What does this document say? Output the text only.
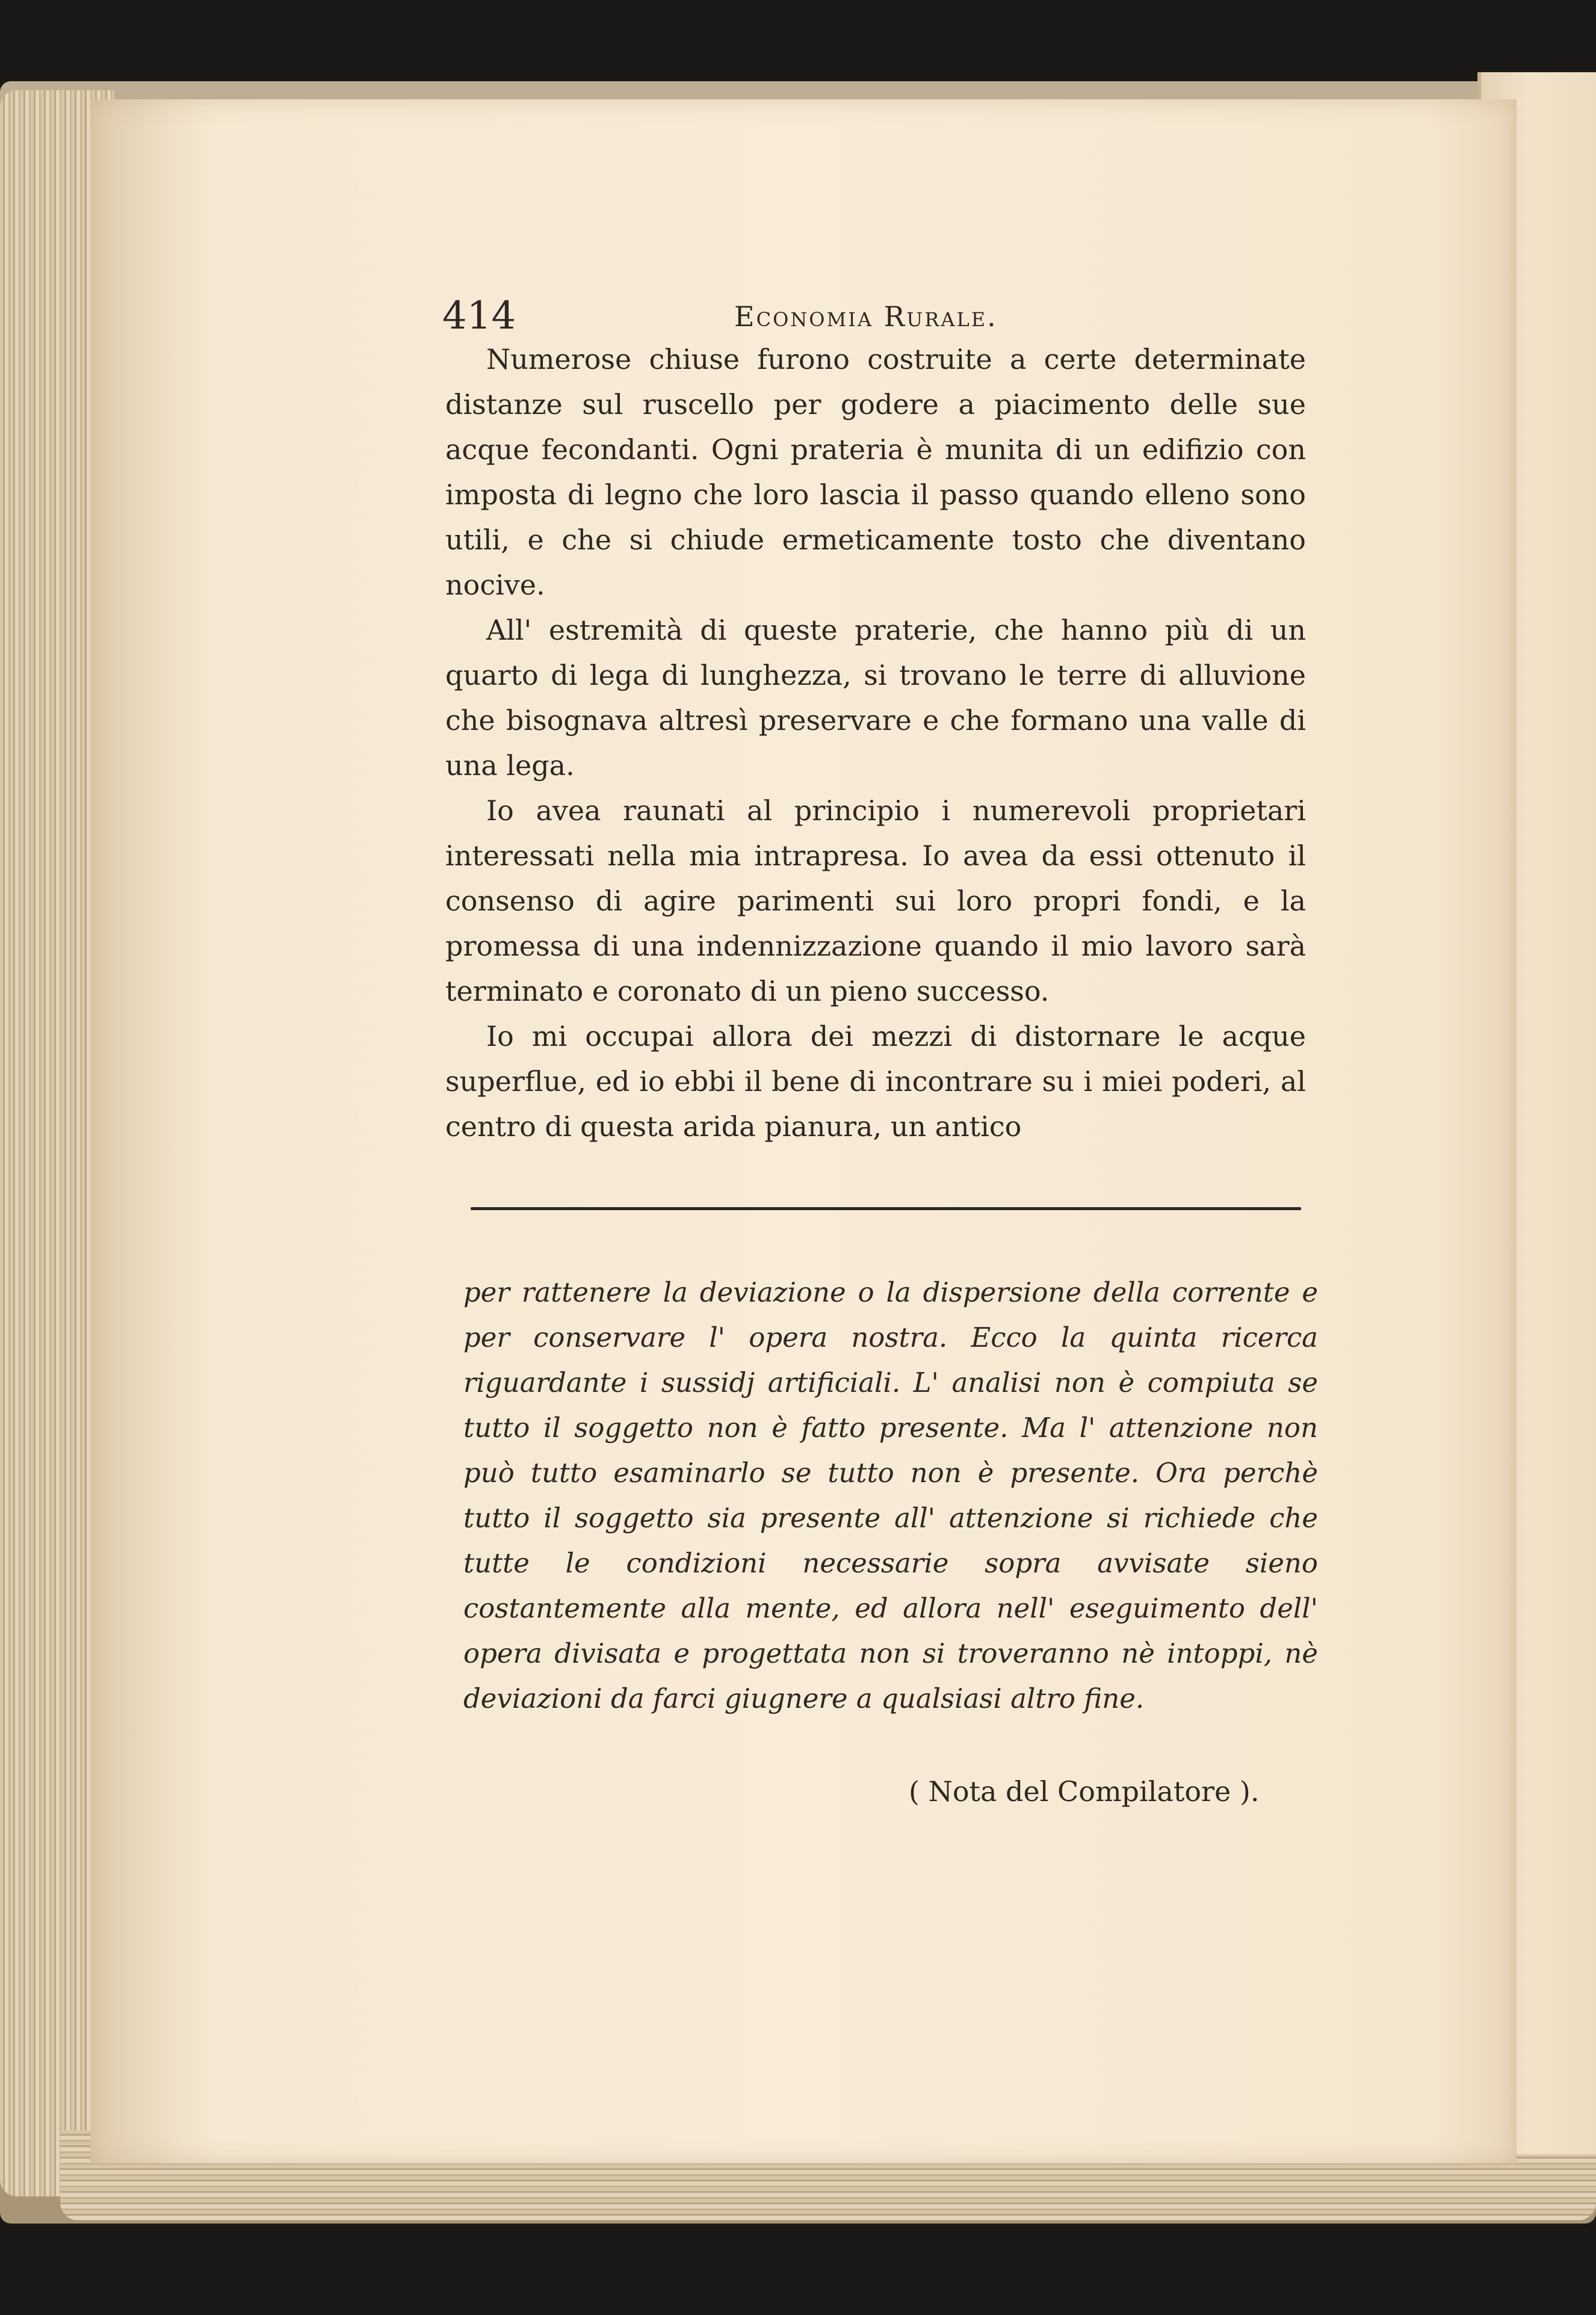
414	Economia Rurale.

Numerose chiuse furono costruite a certe determinate distanze sul ruscello per godere a piacimento delle sue acque fecondanti. Ogni prateria è munita di un edifizio con imposta di legno che loro lascia il passo quando elleno sono utili, e che si chiude ermeticamente tosto che diventano nocive.

All' estremità di queste praterie, che hanno più di un quarto di lega di lunghezza, si trovano le terre di alluvione che bisognava altresì preservare e che formano una valle di una lega.

Io avea raunati al principio i numerevoli proprietari interessati nella mia intrapresa. Io avea da essi ottenuto il consenso di agire parimenti sui loro propri fondi, e la promessa di una indennizzazione quando il mio lavoro sarà terminato e coronato di un pieno successo.

Io mi occupai allora dei mezzi di distornare le acque superflue, ed io ebbi il bene di incontrare su i miei poderi, al centro di questa arida pianura, un antico

per rattenere la deviazione o la dispersione della corrente e per conservare l' opera nostra. Ecco la quinta ricerca riguardante i sussidj artificiali. L' analisi non è compiuta se tutto il soggetto non è fatto presente. Ma l' attenzione non può tutto esaminarlo se tutto non è presente. Ora perchè tutto il soggetto sia presente all' attenzione si richiede che tutte le condizioni necessarie sopra avvisate sieno costantemente alla mente, ed allora nell' eseguimento dell' opera divisata e progettata non si troveranno nè intoppi, nè deviazioni da farci giugnere a qualsiasi altro fine.

( Nota del Compilatore ).
